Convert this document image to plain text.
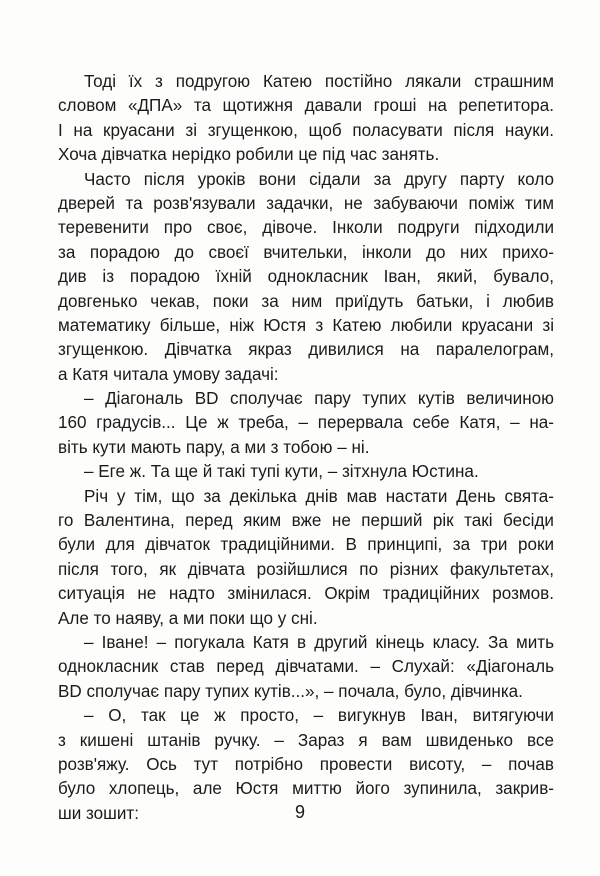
Тоді їх з подругою Катею постійно лякали страшним
словом «ДПА» та щотижня давали гроші на репетитора.
І на круасани зі згущенкою, щоб поласувати після науки.
Хоча дівчатка нерідко робили це під час занять.
Часто після уроків вони сідали за другу парту коло
дверей та розв'язували задачки, не забуваючи поміж тим
теревенити про своє, дівоче. Інколи подруги підходили
за порадою до своєї вчительки, інколи до них прихо-
див із порадою їхній однокласник Іван, який, бувало,
довгенько чекав, поки за ним приїдуть батьки, і любив
математику більше, ніж Юстя з Катею любили круасани зі
згущенкою. Дівчатка якраз дивилися на паралелограм,
а Катя читала умову задачі:
– Діагональ BD сполучає пару тупих кутів величиною
160 градусів... Це ж треба, – перервала себе Катя, – на-
віть кути мають пару, а ми з тобою – ні.
– Еге ж. Та ще й такі тупі кути, – зітхнула Юстина.
Річ у тім, що за декілька днів мав настати День свята-
го Валентина, перед яким вже не перший рік такі бесіди
були для дівчаток традиційними. В принципі, за три роки
після того, як дівчата розійшлися по різних факультетах,
ситуація не надто змінилася. Окрім традиційних розмов.
Але то наяву, а ми поки що у сні.
– Іване! – погукала Катя в другий кінець класу. За мить
однокласник став перед дівчатами. – Слухай: «Діагональ
BD сполучає пару тупих кутів...», – почала, було, дівчинка.
– О, так це ж просто, – вигукнув Іван, витягуючи
з кишені штанів ручку. – Зараз я вам швиденько все
розв'яжу. Ось тут потрібно провести висоту, – почав
було хлопець, але Юстя миттю його зупинила, закрив-
ши зошит:	9
